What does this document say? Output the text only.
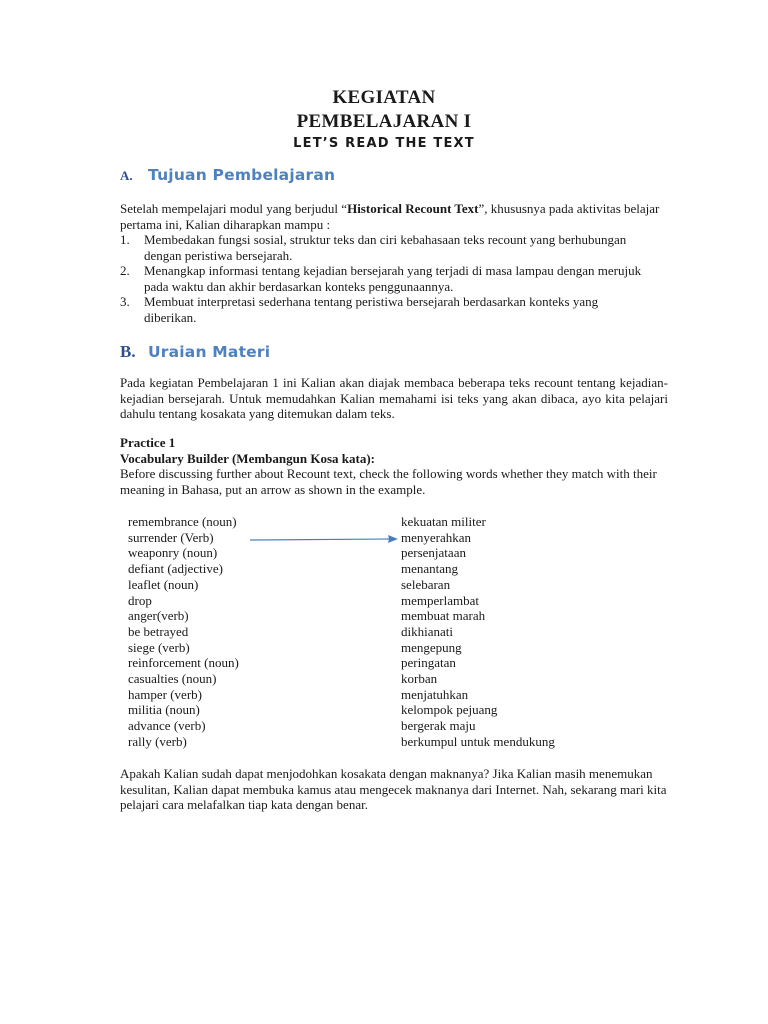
KEGIATAN
PEMBELAJARAN I
LET’S READ THE TEXT
A. Tujuan Pembelajaran
Setelah mempelajari modul yang berjudul “Historical Recount Text”, khususnya pada aktivitas belajar pertama ini, Kalian diharapkan mampu :
1. Membedakan fungsi sosial, struktur teks dan ciri kebahasaan teks recount yang berhubungan dengan peristiwa bersejarah.
2. Menangkap informasi tentang kejadian bersejarah yang terjadi di masa lampau dengan merujuk pada waktu dan akhir berdasarkan konteks penggunaannya.
3. Membuat interpretasi sederhana tentang peristiwa bersejarah berdasarkan konteks yang diberikan.
B. Uraian Materi
Pada kegiatan Pembelajaran 1 ini Kalian akan diajak membaca beberapa teks recount tentang kejadian-kejadian bersejarah. Untuk memudahkan Kalian memahami isi teks yang akan dibaca, ayo kita pelajari dahulu tentang kosakata yang ditemukan dalam teks.
Practice 1
Vocabulary Builder (Membangun Kosa kata):
Before discussing further about Recount text, check the following words whether they match with their meaning in Bahasa, put an arrow as shown in the example.
remembrance (noun)	kekuatan militer
surrender (Verb)	menyerahkan
weaponry (noun)	persenjataan
defiant (adjective)	menantang
leaflet (noun)	selebaran
drop	memperlambat
anger(verb)	membuat marah
be betrayed	dikhianati
siege (verb)	mengepung
reinforcement (noun)	peringatan
casualties (noun)	korban
hamper (verb)	menjatuhkan
militia (noun)	kelompok pejuang
advance (verb)	bergerak maju
rally (verb)	berkumpul untuk mendukung
Apakah Kalian sudah dapat menjodohkan kosakata dengan maknanya? Jika Kalian masih menemukan kesulitan, Kalian dapat membuka kamus atau mengecek maknanya dari Internet. Nah, sekarang mari kita pelajari cara melafalkan tiap kata dengan benar.
